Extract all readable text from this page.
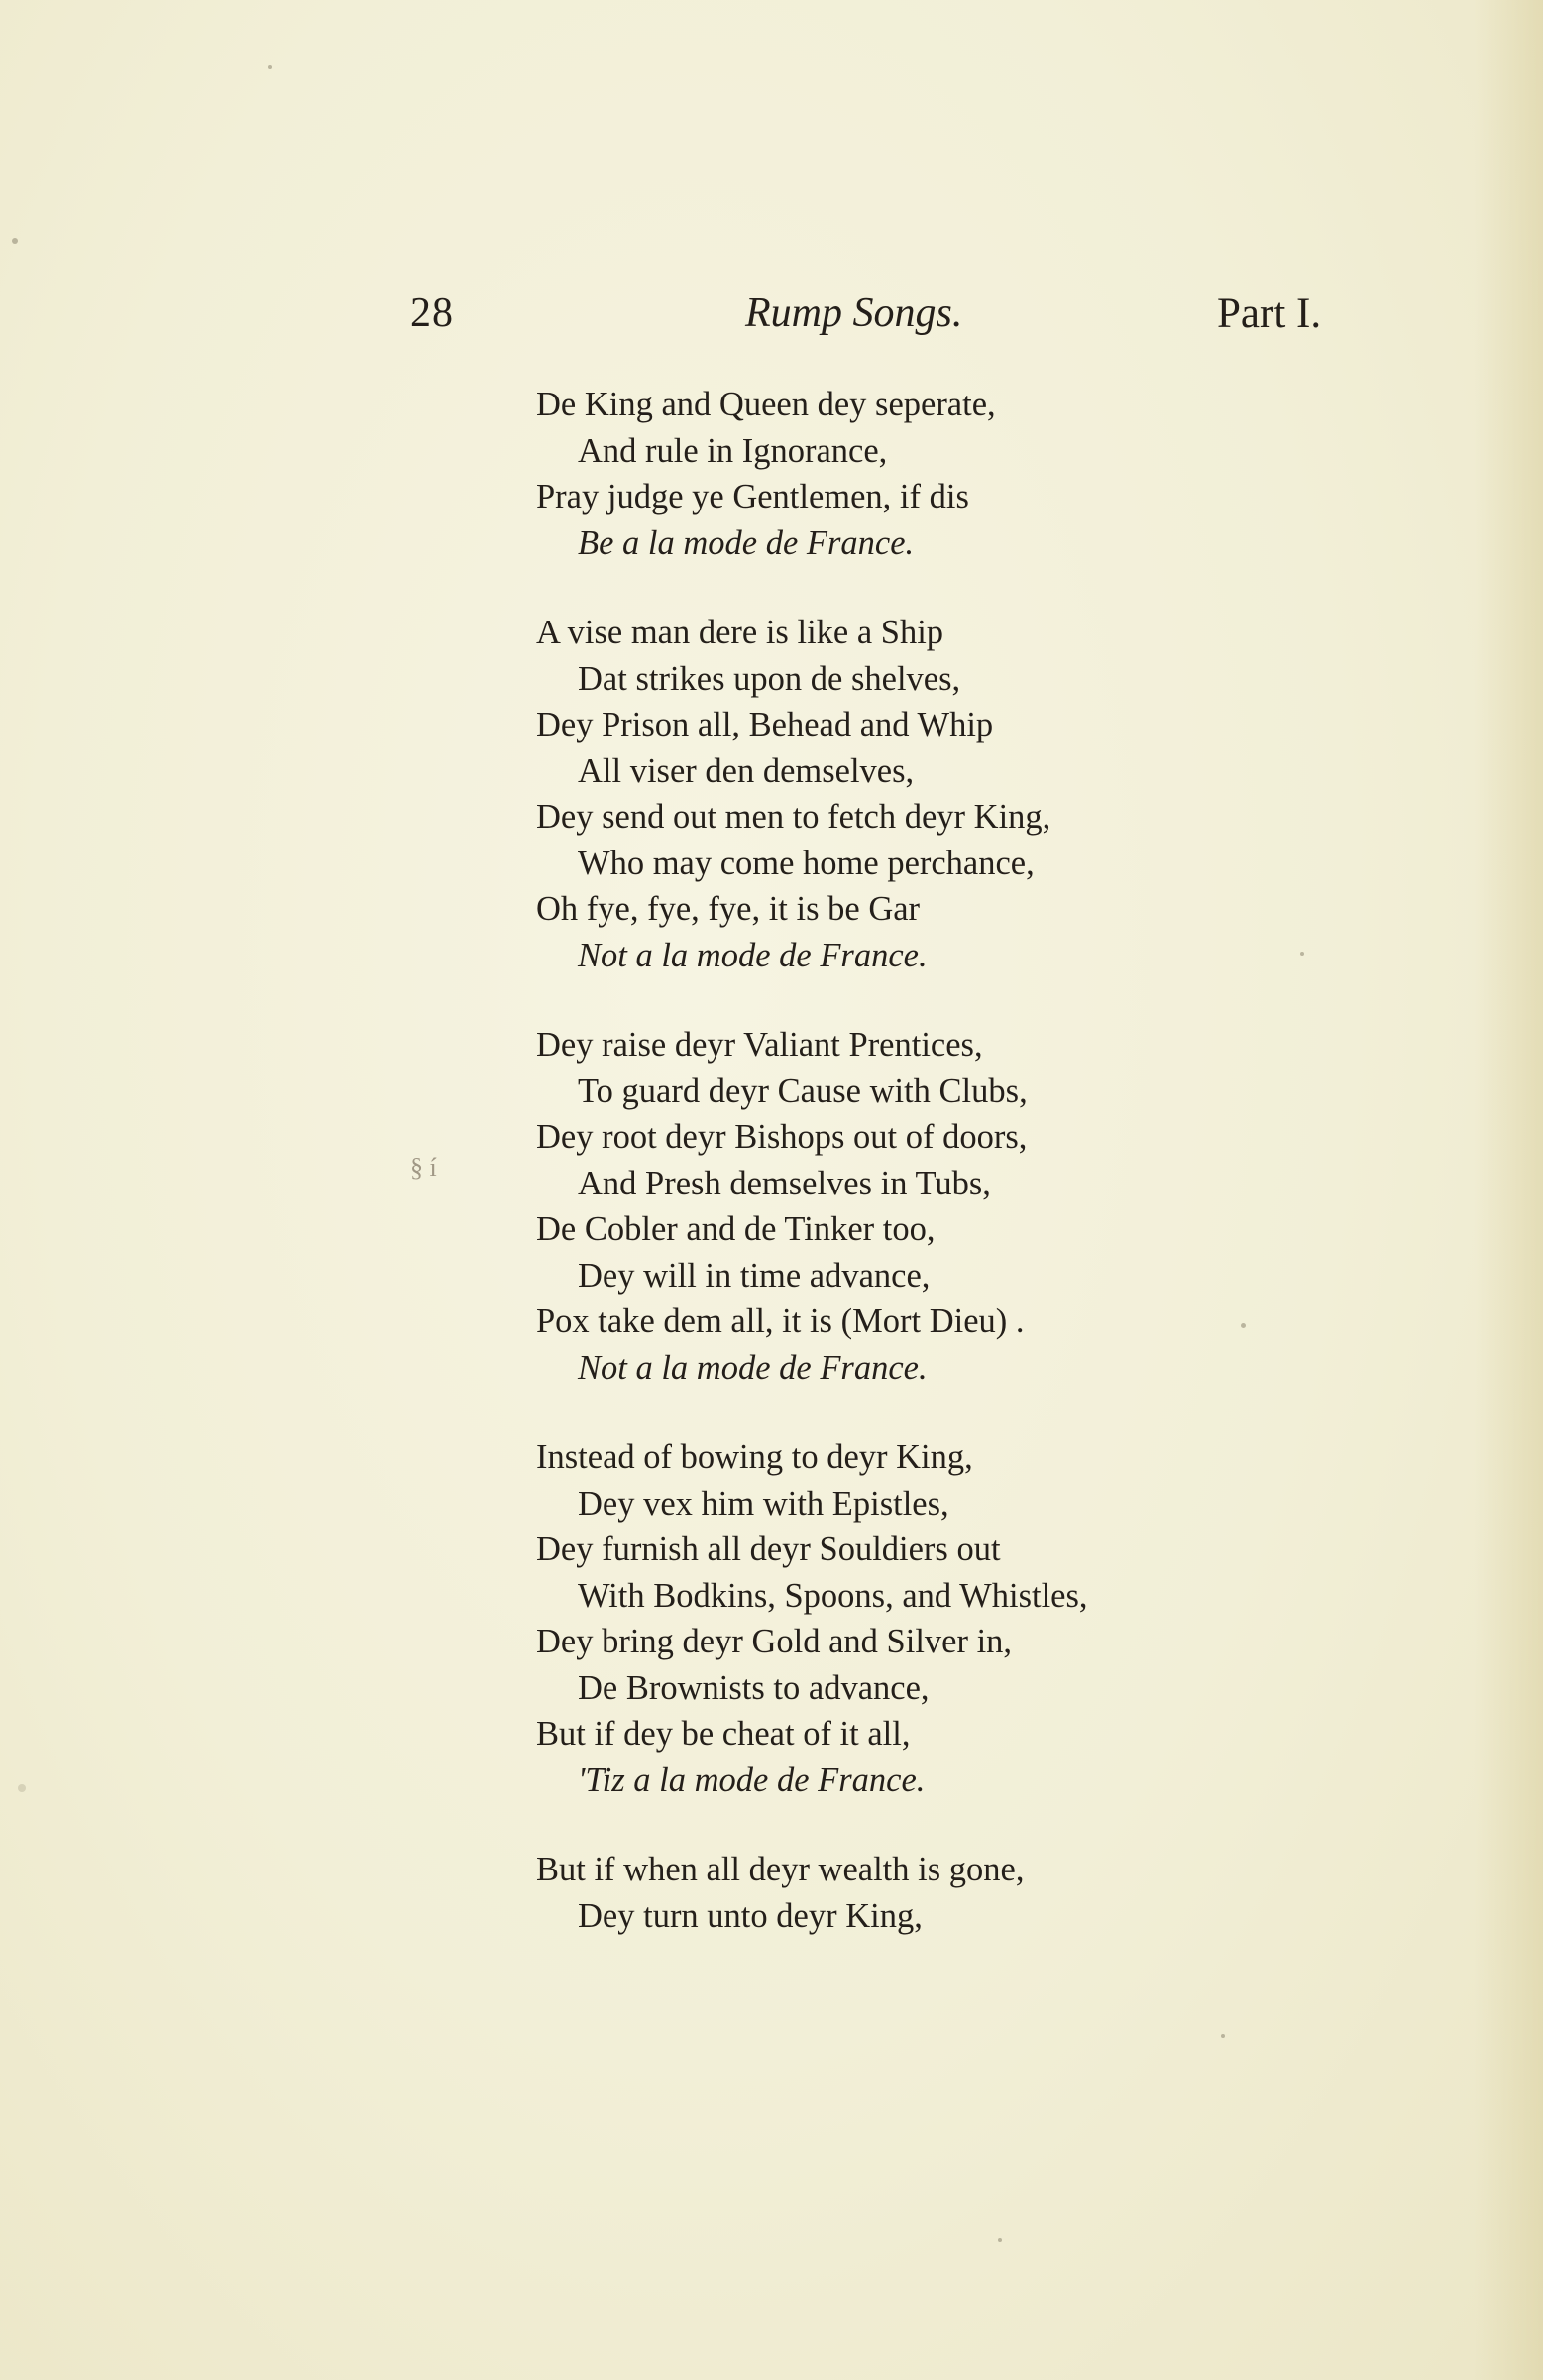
28	Rump Songs.	Part I.
§ í
De King and Queen dey seperate,
And rule in Ignorance,
Pray judge ye Gentlemen, if dis
Be a la mode de France.
A vise man dere is like a Ship
Dat strikes upon de shelves,
Dey Prison all, Behead and Whip
All viser den demselves,
Dey send out men to fetch deyr King,
Who may come home perchance,
Oh fye, fye, fye, it is be Gar
Not a la mode de France.
Dey raise deyr Valiant Prentices,
To guard deyr Cause with Clubs,
Dey root deyr Bishops out of doors,
And Presh demselves in Tubs,
De Cobler and de Tinker too,
Dey will in time advance,
Pox take dem all, it is (Mort Dieu) .
Not a la mode de France.
Instead of bowing to deyr King,
Dey vex him with Epistles,
Dey furnish all deyr Souldiers out
With Bodkins, Spoons, and Whistles,
Dey bring deyr Gold and Silver in,
De Brownists to advance,
But if dey be cheat of it all,
'Tiz a la mode de France.
But if when all deyr wealth is gone,
Dey turn unto deyr King,
